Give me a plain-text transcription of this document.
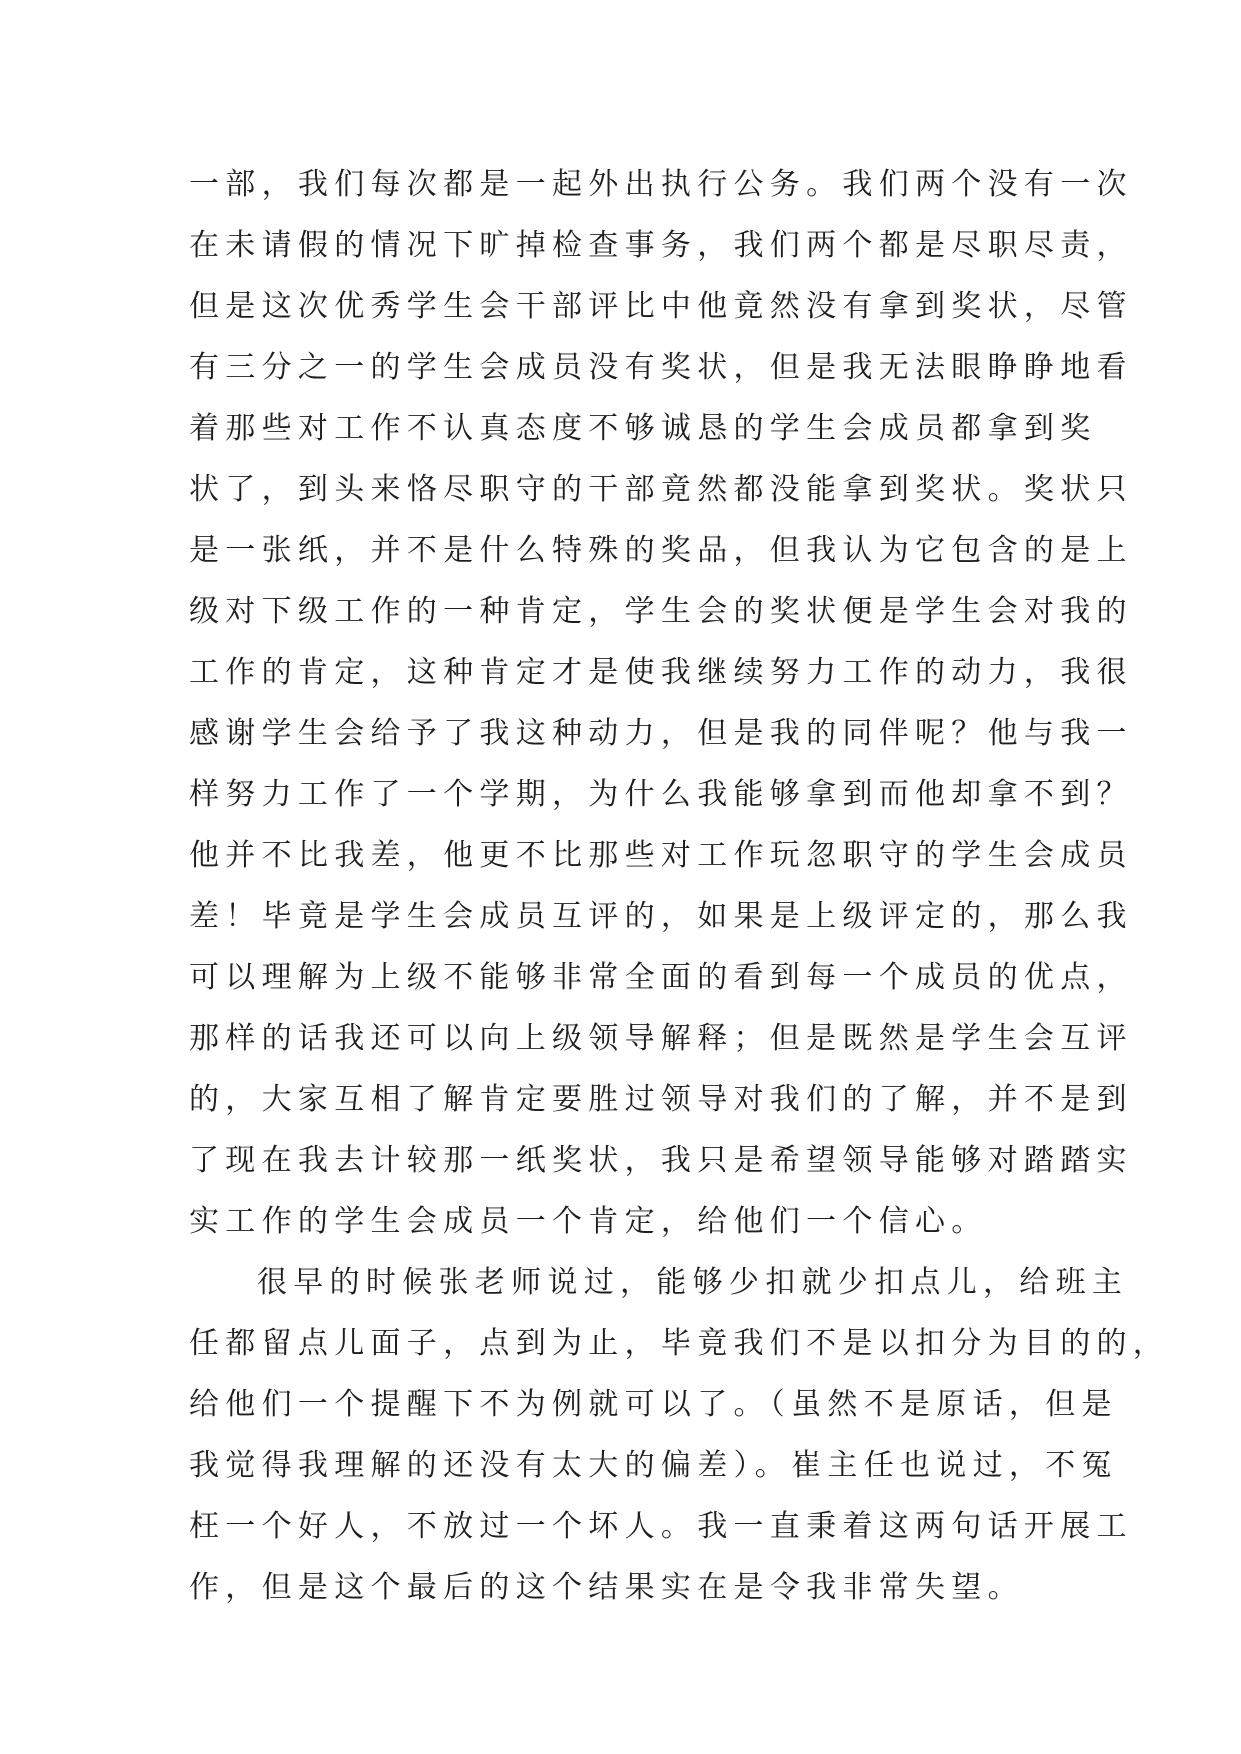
一部，我们每次都是一起外出执行公务。我们两个没有一次
在未请假的情况下旷掉检查事务，我们两个都是尽职尽责，
但是这次优秀学生会干部评比中他竟然没有拿到奖状，尽管
有三分之一的学生会成员没有奖状，但是我无法眼睁睁地看
着那些对工作不认真态度不够诚恳的学生会成员都拿到奖
状了，到头来恪尽职守的干部竟然都没能拿到奖状。奖状只
是一张纸，并不是什么特殊的奖品，但我认为它包含的是上
级对下级工作的一种肯定，学生会的奖状便是学生会对我的
工作的肯定，这种肯定才是使我继续努力工作的动力，我很
感谢学生会给予了我这种动力，但是我的同伴呢？他与我一
样努力工作了一个学期，为什么我能够拿到而他却拿不到？
他并不比我差，他更不比那些对工作玩忽职守的学生会成员
差！毕竟是学生会成员互评的，如果是上级评定的，那么我
可以理解为上级不能够非常全面的看到每一个成员的优点，
那样的话我还可以向上级领导解释；但是既然是学生会互评
的，大家互相了解肯定要胜过领导对我们的了解，并不是到
了现在我去计较那一纸奖状，我只是希望领导能够对踏踏实
实工作的学生会成员一个肯定，给他们一个信心。
很早的时候张老师说过，能够少扣就少扣点儿，给班主
任都留点儿面子，点到为止，毕竟我们不是以扣分为目的的，
给他们一个提醒下不为例就可以了。（虽然不是原话，但是
我觉得我理解的还没有太大的偏差）。崔主任也说过，不冤
枉一个好人，不放过一个坏人。我一直秉着这两句话开展工
作，但是这个最后的这个结果实在是令我非常失望。
